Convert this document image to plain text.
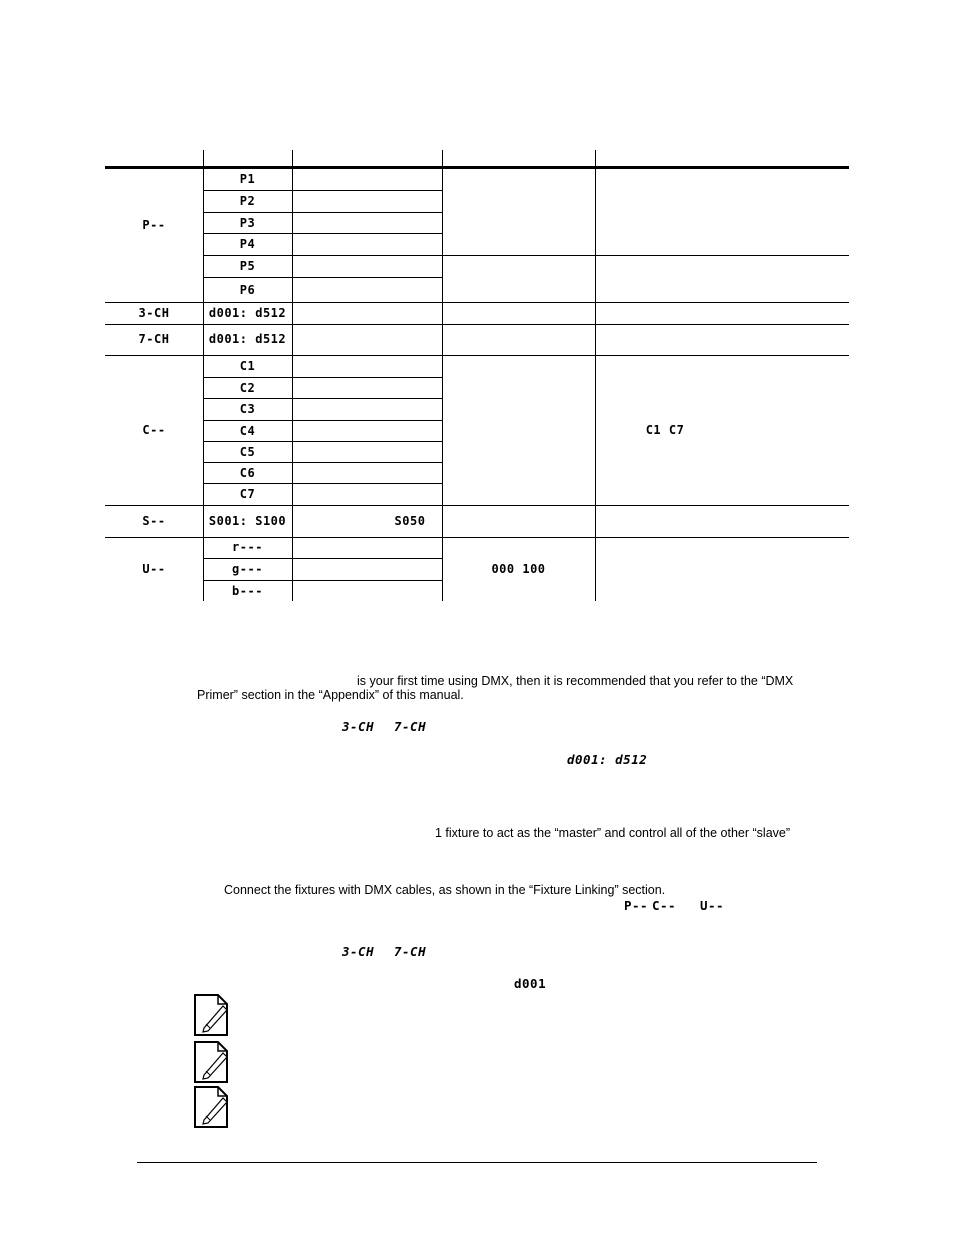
P--
3-CH
7-CH
C--
S--
U--
P1
P2
P3
P4
P5
P6
d001: d512
d001: d512
C1
C2
C3
C4
C5
C6
C7
S001: S100
r---
g---
b---
S050
000 100
C1 C7
is your first time using DMX, then it is recommended that you refer to the “DMX
Primer” section in the “Appendix” of this manual.
3-CH 7-CH
d001: d512
1 fixture to act as the “master” and control all of the other “slave”
Connect the fixtures with DMX cables, as shown in the “Fixture Linking” section.
P-- C-- U--
3-CH 7-CH
d001
